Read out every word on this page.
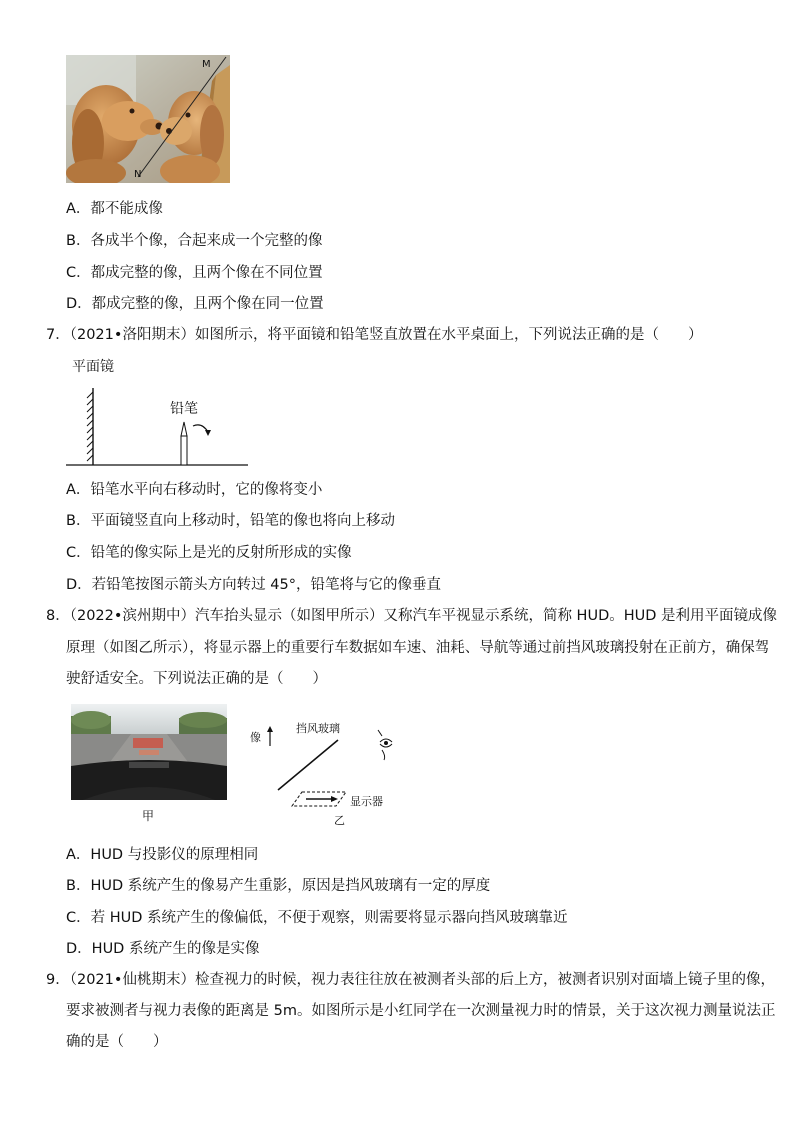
M
N
A．都不能成像
B．各成半个像，合起来成一个完整的像
C．都成完整的像，且两个像在不同位置
D．都成完整的像，且两个像在同一位置
7．（2021•洛阳期末）如图所示，将平面镜和铅笔竖直放置在水平桌面上，下列说法正确的是（　　）
平面镜
铅笔
A．铅笔水平向右移动时，它的像将变小
B．平面镜竖直向上移动时，铅笔的像也将向上移动
C．铅笔的像实际上是光的反射所形成的实像
D．若铅笔按图示箭头方向转过 45°，铅笔将与它的像垂直
8．（2022•滨州期中）汽车抬头显示（如图甲所示）又称汽车平视显示系统，简称 HUD。HUD 是利用平面镜成像
原理（如图乙所示），将显示器上的重要行车数据如车速、油耗、导航等通过前挡风玻璃投射在正前方，确保驾
驶舒适安全。下列说法正确的是（　　）
甲
像
挡风玻璃
显示器
乙
A．HUD 与投影仪的原理相同
B．HUD 系统产生的像易产生重影，原因是挡风玻璃有一定的厚度
C．若 HUD 系统产生的像偏低，不便于观察，则需要将显示器向挡风玻璃靠近
D．HUD 系统产生的像是实像
9．（2021•仙桃期末）检查视力的时候，视力表往往放在被测者头部的后上方，被测者识别对面墙上镜子里的像，
要求被测者与视力表像的距离是 5m。如图所示是小红同学在一次测量视力时的情景，关于这次视力测量说法正
确的是（　　）
